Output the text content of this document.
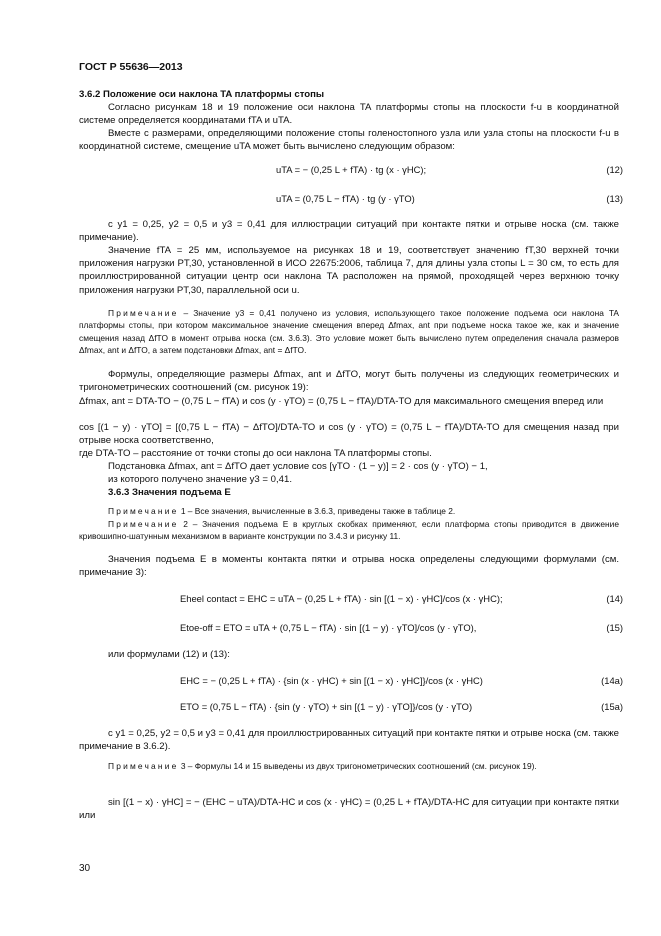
ГОСТ Р 55636—2013
3.6.2 Положение оси наклона TA платформы стопы
Согласно рисункам 18 и 19 положение оси наклона TA платформы стопы на плоскости f-u в координатной системе определяется координатами fTA и uTA.
Вместе с размерами, определяющими положение стопы голеностопного узла или узла стопы на плоскости f-u в координатной системе, смещение uTA может быть вычислено следующим образом:
uTA = − (0,25 L + fTA) · tg (x · γHC);	(12)
uTA = (0,75 L − fTA) · tg (y · γTO)	(13)
с y1 = 0,25, y2 = 0,5 и y3 = 0,41 для иллюстрации ситуаций при контакте пятки и отрыве носка (см. также примечание).
Значение fTA = 25 мм, используемое на рисунках 18 и 19, соответствует значению fT,30 верхней точки приложения нагрузки PT,30, установленной в ИСО 22675:2006, таблица 7, для длины узла стопы L = 30 см, то есть для проиллюстрированной ситуации центр оси наклона TA расположен на прямой, проходящей через верхнюю точку приложения нагрузки PT,30, параллельной оси u.
Примечание – Значение y3 = 0,41 получено из условия, использующего такое положение подъема оси наклона TA платформы стопы, при котором максимальное значение смещения вперед Δfmax, ant при подъеме носка такое же, как и значение смещения назад ΔfTO в момент отрыва носка (см. 3.6.3). Это условие может быть вычислено путем определения сначала размеров Δfmax, ant и ΔfTO, а затем подстановки Δfmax, ant = ΔfTO.
Формулы, определяющие размеры Δfmax, ant и ΔfTO, могут быть получены из следующих геометрических и тригонометрических соотношений (см. рисунок 19):
Δfmax, ant = DTA-TO − (0,75 L − fTA) и cos (y · γTO) = (0,75 L − fTA)/DTA-TO для максимального смещения вперед или
cos [(1 − y) · γTO] = [(0,75 L − fTA) − ΔfTO]/DTA-TO и cos (y · γTO) = (0,75 L − fTA)/DTA-TO для смещения назад при отрыве носка соответственно,
где DTA-TO – расстояние от точки стопы до оси наклона TA платформы стопы.
Подстановка Δfmax, ant = ΔfTO дает условие cos [γTO · (1 − y)] = 2 · cos (y · γTO) − 1,
из которого получено значение y3 = 0,41.
3.6.3 Значения подъема E
Примечание 1 – Все значения, вычисленные в 3.6.3, приведены также в таблице 2.
Примечание 2 – Значения подъема E в круглых скобках применяют, если платформа стопы приводится в движение кривошипно-шатунным механизмом в варианте конструкции по 3.4.3 и рисунку 11.
Значения подъема E в моменты контакта пятки и отрыва носка определены следующими формулами (см. примечание 3):
Eheel contact = EHC = uTA − (0,25 L + fTA) · sin [(1 − x) · γHC]/cos (x · γHC);	(14)
Etoe-off = ETO = uTA + (0,75 L − fTA) · sin [(1 − y) · γTO]/cos (y · γTO),	(15)
или формулами (12) и (13):
EHC = − (0,25 L + fTA) · {sin (x · γHC) + sin [(1 − x) · γHC]}/cos (x · γHC)	(14a)
ETO = (0,75 L − fTA) · {sin (y · γTO) + sin [(1 − y) · γTO]}/cos (y · γTO)	(15a)
с y1 = 0,25, y2 = 0,5 и y3 = 0,41 для проиллюстрированных ситуаций при контакте пятки и отрыве носка (см. также примечание в 3.6.2).
Примечание 3 – Формулы 14 и 15 выведены из двух тригонометрических соотношений (см. рисунок 19).
sin [(1 − x) · γHC] = − (EHC − uTA)/DTA-HC и cos (x · γHC) = (0,25 L + fTA)/DTA-HC для ситуации при контакте пятки или
30
